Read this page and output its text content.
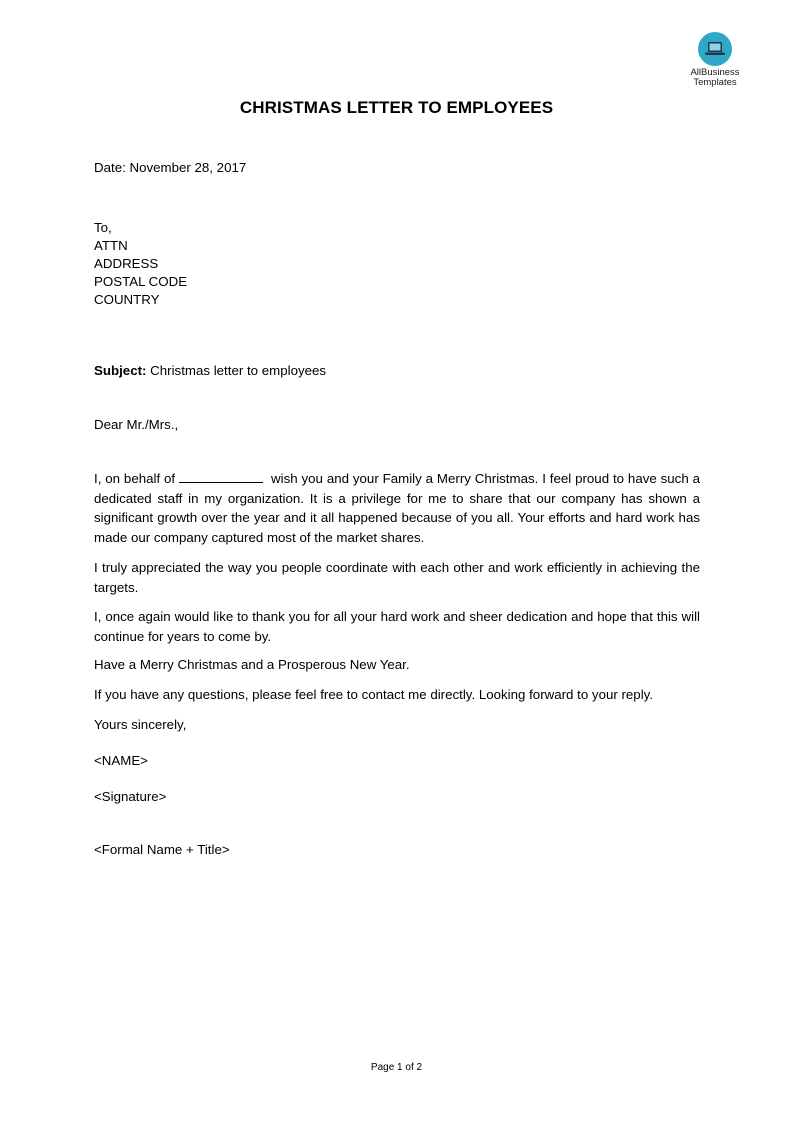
AllBusiness
Templates
CHRISTMAS LETTER TO EMPLOYEES
Date: November 28, 2017
To,
ATTN
ADDRESS
POSTAL CODE
COUNTRY
Subject: Christmas letter to employees
Dear Mr./Mrs.,
I, on behalf of	wish you and your Family a Merry Christmas. I feel proud to have such a dedicated staff in my organization. It is a privilege for me to share that our company has shown a significant growth over the year and it all happened because of you all. Your efforts and hard work has made our company captured most of the market shares.
I truly appreciated the way you people coordinate with each other and work efficiently in achieving the targets.
I, once again would like to thank you for all your hard work and sheer dedication and hope that this will continue for years to come by.
Have a Merry Christmas and a Prosperous New Year.
If you have any questions, please feel free to contact me directly. Looking forward to your reply.
Yours sincerely,
<NAME>
<Signature>
<Formal Name + Title>
Page 1 of 2
